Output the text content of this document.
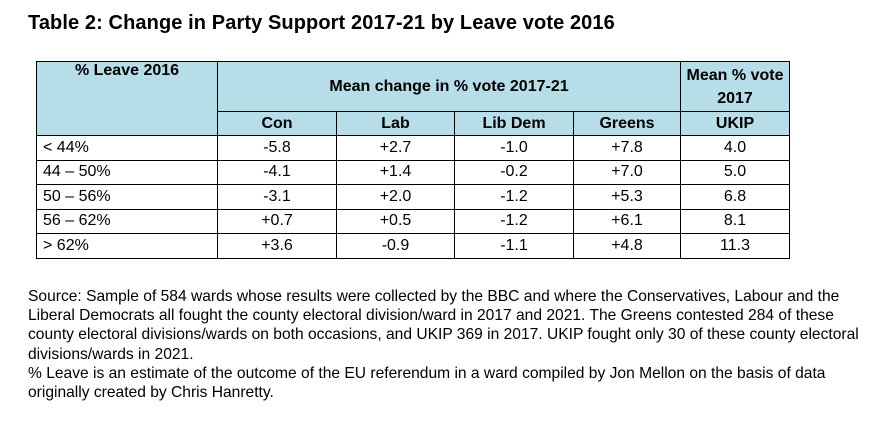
Table 2: Change in Party Support 2017-21 by Leave vote 2016
% Leave 2016	Mean change in % vote 2017-21				Mean % vote 2017
	Con	Lab	Lib Dem	Greens	UKIP
< 44%	-5.8	+2.7	-1.0	+7.8	4.0
44 – 50%	-4.1	+1.4	-0.2	+7.0	5.0
50 – 56%	-3.1	+2.0	-1.2	+5.3	6.8
56 – 62%	+0.7	+0.5	-1.2	+6.1	8.1
> 62%	+3.6	-0.9	-1.1	+4.8	11.3

Source: Sample of 584 wards whose results were collected by the BBC and where the Conservatives, Labour and the Liberal Democrats all fought the county electoral division/ward in 2017 and 2021. The Greens contested 284 of these county electoral divisions/wards on both occasions, and UKIP 369 in 2017. UKIP fought only 30 of these county electoral divisions/wards in 2021.

% Leave is an estimate of the outcome of the EU referendum in a ward compiled by Jon Mellon on the basis of data originally created by Chris Hanretty.
